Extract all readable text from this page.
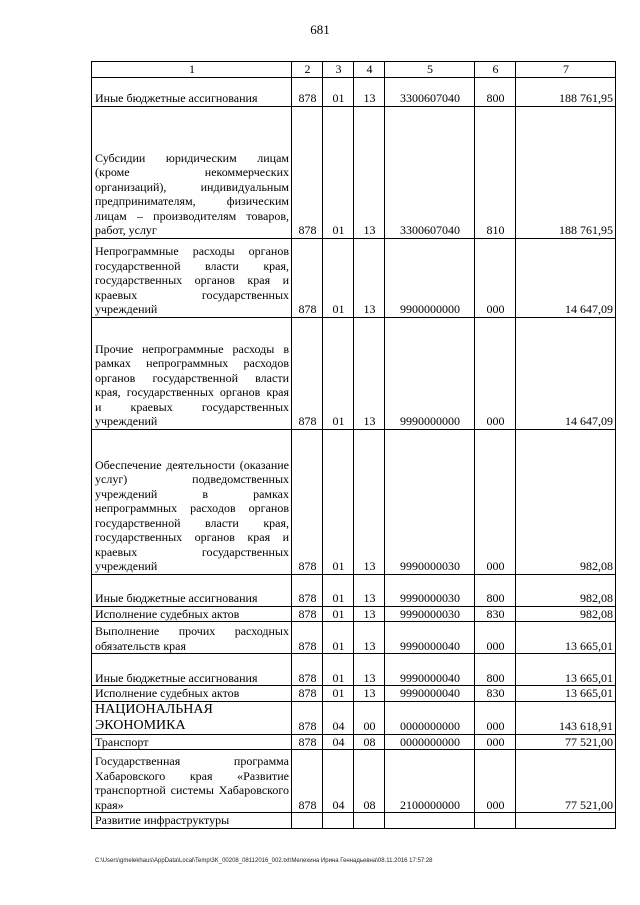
681
1	2	3	4	5	6	7
Иные бюджетные ассигнования	878	01	13	3300607040	800	188 761,95
Субсидии юридическим лицам (кроме некоммерческих организаций), индивидуальным предпринимателям, физическим лицам – производителям товаров, работ, услуг	878	01	13	3300607040	810	188 761,95
Непрограммные расходы органов государственной власти края, государственных органов края и краевых государственных учреждений	878	01	13	9900000000	000	14 647,09
Прочие непрограммные расходы в рамках непрограммных расходов органов государственной власти края, государственных органов края и краевых государственных учреждений	878	01	13	9990000000	000	14 647,09
Обеспечение деятельности (оказание услуг) подведомственных учреждений в рамках непрограммных расходов органов государственной власти края, государственных органов края и краевых государственных учреждений	878	01	13	9990000030	000	982,08
Иные бюджетные ассигнования	878	01	13	9990000030	800	982,08
Исполнение судебных актов	878	01	13	9990000030	830	982,08
Выполнение прочих расходных обязательств края	878	01	13	9990000040	000	13 665,01
Иные бюджетные ассигнования	878	01	13	9990000040	800	13 665,01
Исполнение судебных актов	878	01	13	9990000040	830	13 665,01
НАЦИОНАЛЬНАЯ ЭКОНОМИКА	878	04	00	0000000000	000	143 618,91
Транспорт	878	04	08	0000000000	000	77 521,00
Государственная программа Хабаровского края «Развитие транспортной системы Хабаровского края»	878	04	08	2100000000	000	77 521,00
Развитие инфраструктуры						
C:\Users\gmelekhaus\AppData\Local\Temp\3K_00208_08112016_002.txt\Мелехина Ирина Геннадьевна\08.11.2016 17:57:28
